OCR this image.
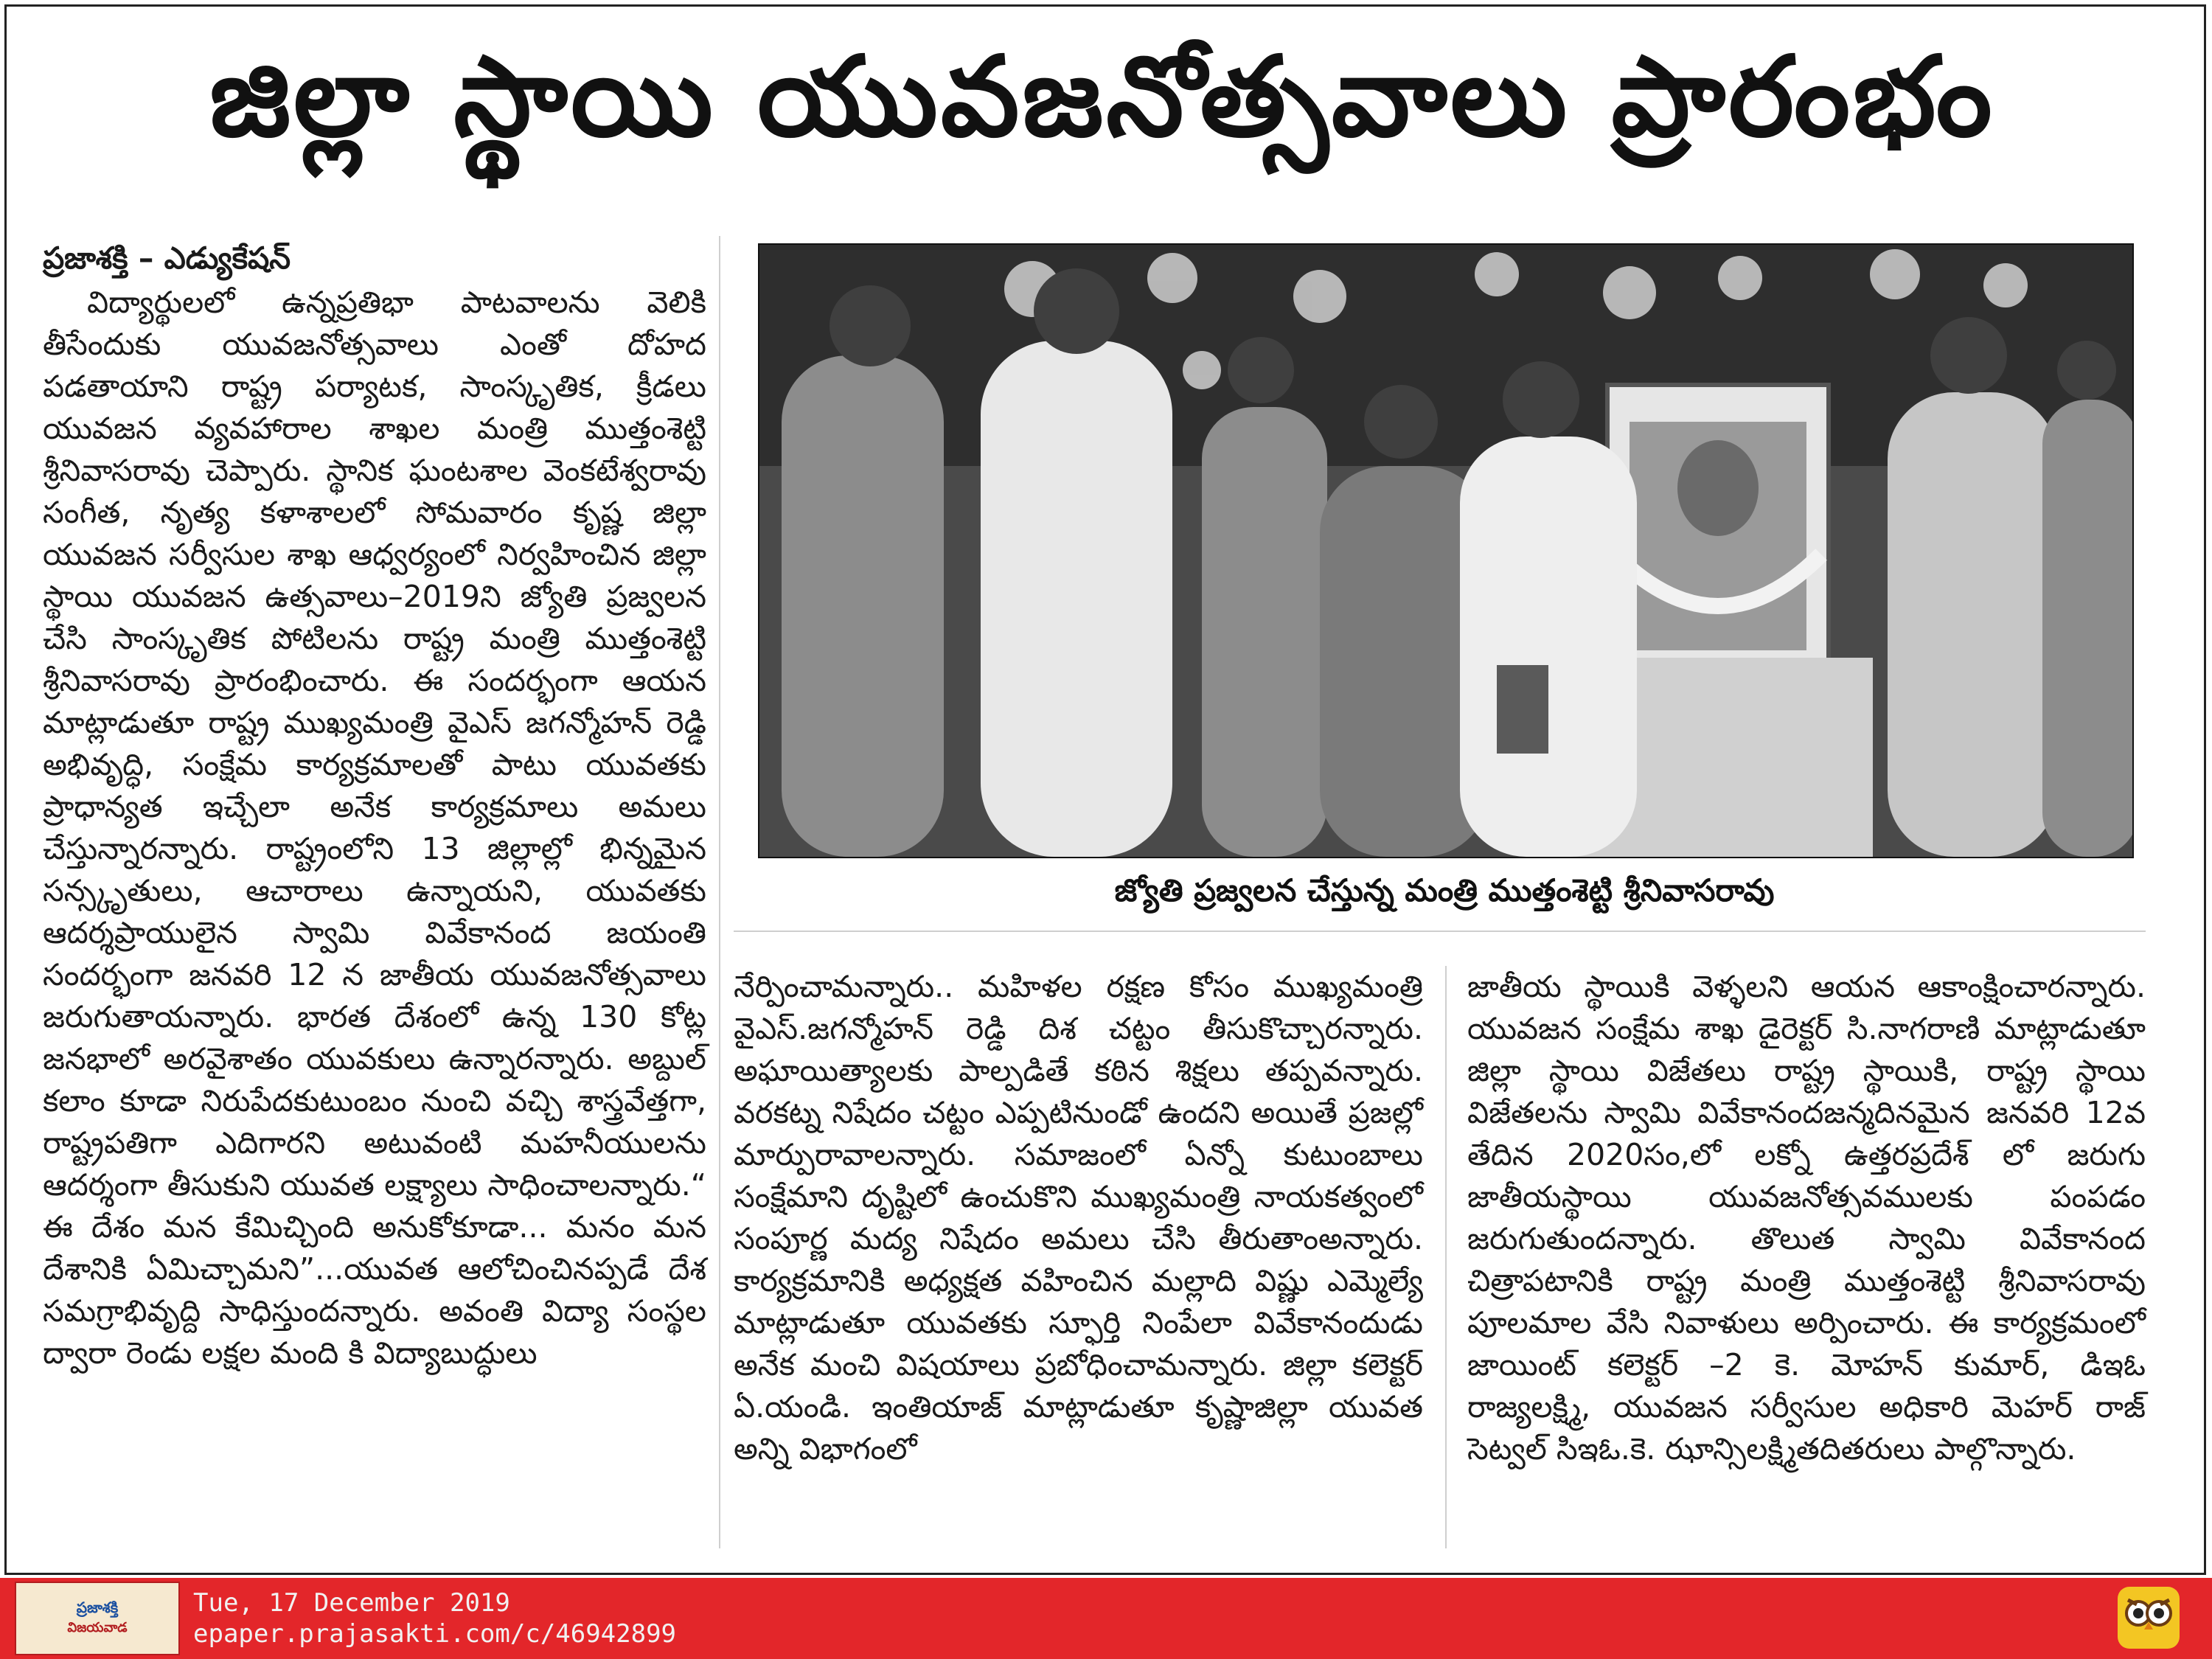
జిల్లా స్థాయి యువజనోత్సవాలు ప్రారంభం
ప్రజాశక్తి – ఎడ్యుకేషన్

విద్యార్థులలో ఉన్నప్రతిభా పాటవాలను వెలికి తీసేందుకు యువజనోత్సవాలు ఎంతో దోహద పడతాయాని రాష్ట్ర పర్యాటక, సాంస్కృతిక, క్రీడలు యువజన వ్యవహారాల శాఖల మంత్రి ముత్తంశెట్టి శ్రీనివాసరావు చెప్పారు. స్థానిక ఘంటశాల వెంకటేశ్వరావు సంగీత, నృత్య కళాశాలలో సోమవారం కృష్ణ జిల్లా యువజన సర్వీసుల శాఖ ఆధ్వర్యంలో నిర్వహించిన జిల్లా స్థాయి యువజన ఉత్సవాలు–2019ని జ్యోతి ప్రజ్వలన చేసి సాంస్కృతిక పోటిలను రాష్ట్ర మంత్రి ముత్తంశెట్టి శ్రీనివాసరావు ప్రారంభించారు. ఈ సందర్భంగా ఆయన మాట్లాడుతూ రాష్ట్ర ముఖ్యమంత్రి వైఎస్ జగన్మోహన్ రెడ్డి అభివృద్ధి, సంక్షేమ కార్యక్రమాలతో పాటు యువతకు ప్రాధాన్యత ఇచ్చేలా అనేక కార్యక్రమాలు అమలు చేస్తున్నారన్నారు. రాష్ట్రంలోని 13 జిల్లాల్లో భిన్నమైన సన్స్కృతులు, ఆచారాలు ఉన్నాయని, యువతకు ఆదర్శప్రాయులైన స్వామి వివేకానంద జయంతి సందర్భంగా జనవరి 12 న జాతీయ యువజనోత్సవాలు జరుగుతాయన్నారు. భారత దేశంలో ఉన్న 130 కోట్ల జనభాలో అరవైశాతం యువకులు ఉన్నారన్నారు. అబ్దుల్ కలాం కూడా నిరుపేదకుటుంబం నుంచి వచ్చి శాస్త్రవేత్తగా, రాష్ట్రపతిగా ఎదిగారని అటువంటి మహనీయులను ఆదర్శంగా తీసుకుని యువత లక్ష్యాలు సాధించాలన్నారు.“ ఈ దేశం మన కేమిచ్చింది అనుకోకూడా... మనం మన దేశానికి ఏమిచ్చామని”...యువత ఆలోచించినప్పడే దేశ సమగ్రాభివృద్ది సాధిస్తుందన్నారు. అవంతి విద్యా సంస్థల ద్వారా రెండు లక్షల మంది కి విద్యాబుద్ధులు

జ్యోతి ప్రజ్వలన చేస్తున్న మంత్రి ముత్తంశెట్టి శ్రీనివాసరావు

నేర్పించామన్నారు.. మహిళల రక్షణ కోసం ముఖ్యమంత్రి వైఎస్.జగన్మోహన్ రెడ్డి దిశ చట్టం తీసుకొచ్చారన్నారు. అఘాయిత్యాలకు పాల్పడితే కఠిన శిక్షలు తప్పవన్నారు. వరకట్న నిషేదం చట్టం ఎప్పటినుండో ఉందని అయితే ప్రజల్లో మార్పురావాలన్నారు. సమాజంలో ఏన్నో కుటుంబాలు సంక్షేమాని దృష్టిలో ఉంచుకొని ముఖ్యమంత్రి నాయకత్వంలో సంపూర్ణ మద్య నిషేదం అమలు చేసి తీరుతాంఅన్నారు. కార్యక్రమానికి అధ్యక్షత వహించిన మల్లాది విష్ణు ఎమ్మెల్యే మాట్లాడుతూ యువతకు స్ఫూర్తి నింపేలా వివేకానందుడు అనేక మంచి విషయాలు ప్రబోధించామన్నారు. జిల్లా కలెక్టర్ ఏ.యండి. ఇంతియాజ్ మాట్లాడుతూ కృష్ణాజిల్లా యువత అన్ని విభాగంలో

జాతీయ స్థాయికి వెళ్ళలని ఆయన ఆకాంక్షించారన్నారు. యువజన సంక్షేమ శాఖ డైరెక్టర్ సి.నాగరాణి మాట్లాడుతూ జిల్లా స్థాయి విజేతలు రాష్ట్ర స్థాయికి, రాష్ట్ర స్థాయి విజేతలను స్వామి వివేకానందజన్మదినమైన జనవరి 12వ తేదిన 2020సం,లో లక్నో ఉత్తరప్రదేశ్ లో జరుగు జాతీయస్థాయి యువజనోత్సవములకు పంపడం జరుగుతుందన్నారు. తొలుత స్వామి వివేకానంద చిత్రాపటానికి రాష్ట్ర మంత్రి ముత్తంశెట్టి శ్రీనివాసరావు పూలమాల వేసి నివాళులు అర్పించారు. ఈ కార్యక్రమంలో జాయింట్ కలెక్టర్ –2 కె. మోహన్ కుమార్, డిఇఓ రాజ్యలక్ష్మి, యువజన సర్వీసుల అధికారి మెహర్ రాజ్ సెట్వల్ సిఇఓ.కె. ఝాన్సిలక్ష్మితదితరులు పాల్గొన్నారు.

ప్రజాశక్తి
విజయవాడ
Tue, 17 December 2019
epaper.prajasakti.com/c/46942899
